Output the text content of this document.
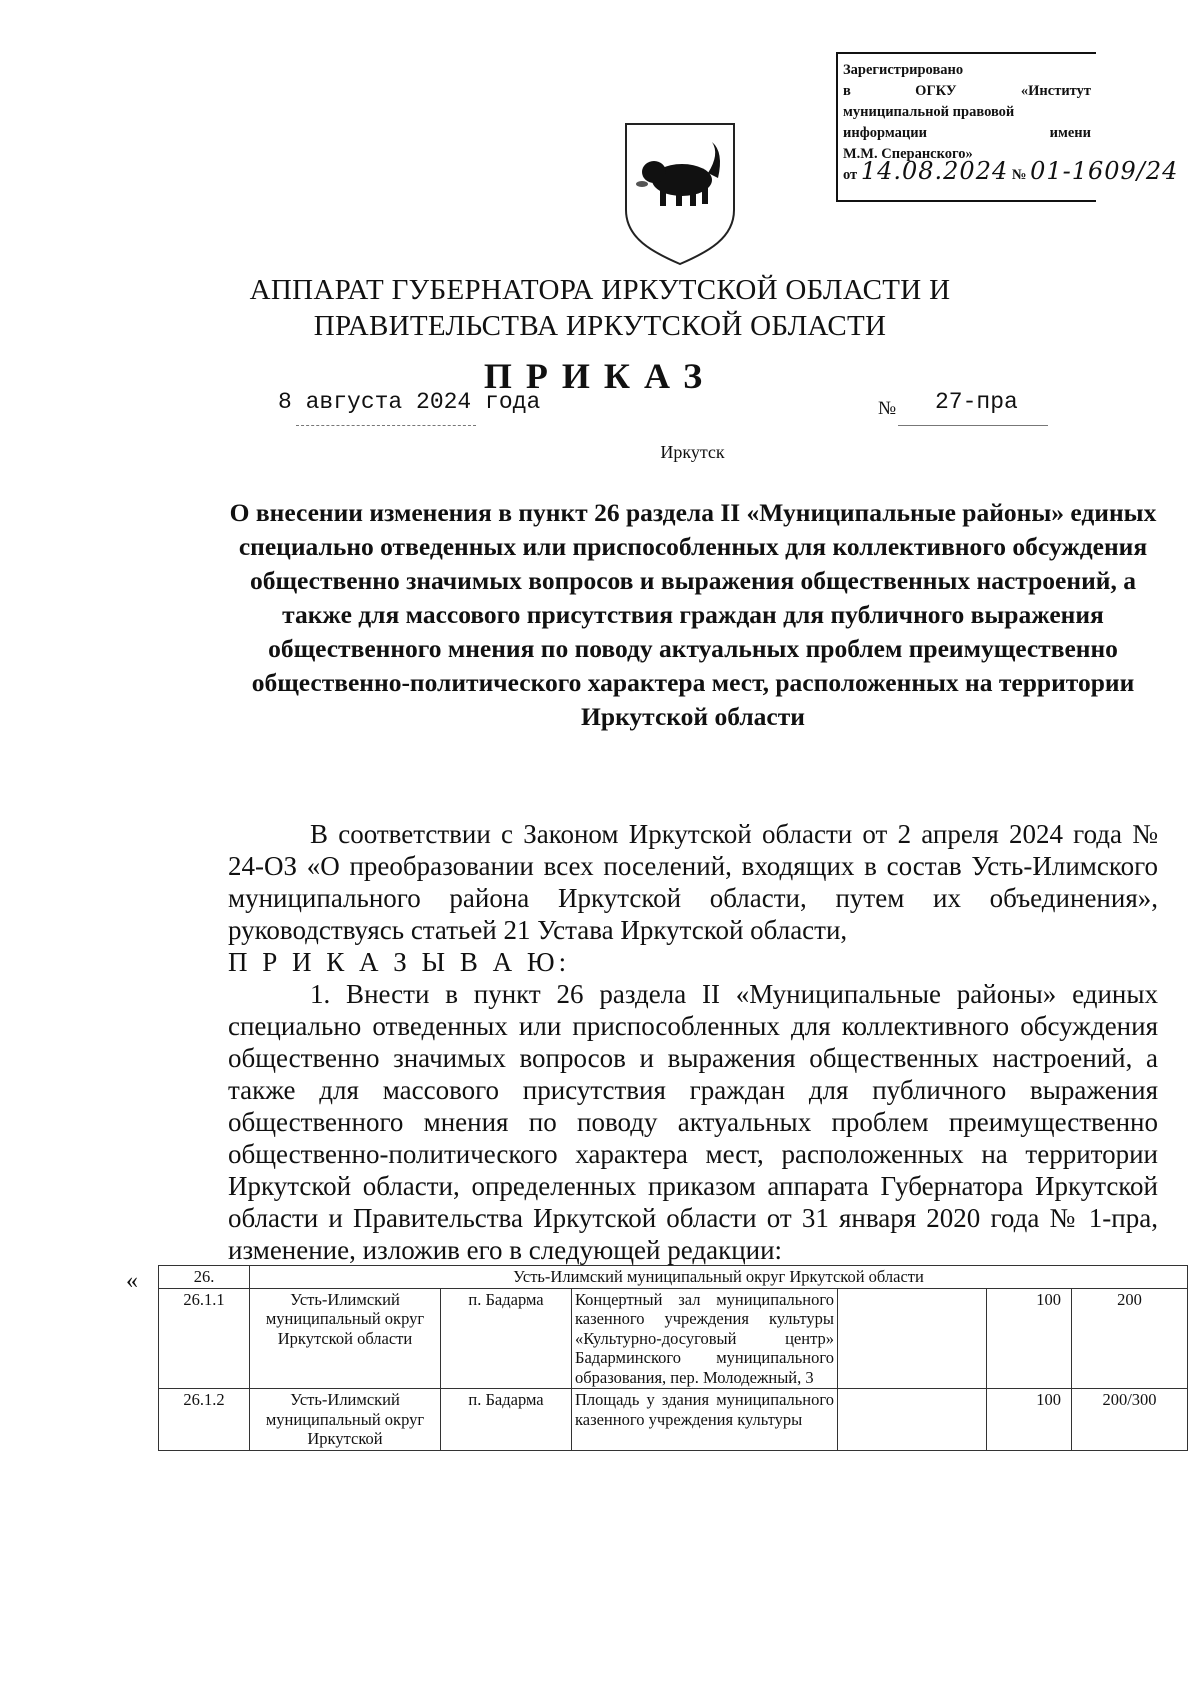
Зарегистрировано
в	ОГКУ	«Институт
муниципальной правовой
информации	имени
М.М. Сперанского»
от 14.08.2024 № 01-1609/24
АППАРАТ ГУБЕРНАТОРА ИРКУТСКОЙ ОБЛАСТИ И
ПРАВИТЕЛЬСТВА ИРКУТСКОЙ ОБЛАСТИ
ПРИКАЗ
8 августа 2024 года	№ 27-пра
Иркутск
О внесении изменения в пункт 26 раздела II «Муниципальные районы» единых специально отведенных или приспособленных для коллективного обсуждения общественно значимых вопросов и выражения общественных настроений, а также для массового присутствия граждан для публичного выражения общественного мнения по поводу актуальных проблем преимущественно общественно-политического характера мест, расположенных на территории Иркутской области

В соответствии с Законом Иркутской области от 2 апреля 2024 года № 24-ОЗ «О преобразовании всех поселений, входящих в состав Усть-Илимского муниципального района Иркутской области, путем их объединения», руководствуясь статьей 21 Устава Иркутской области,

П Р И К А З Ы В А Ю:

1. Внести в пункт 26 раздела II «Муниципальные районы» единых специально отведенных или приспособленных для коллективного обсуждения общественно значимых вопросов и выражения общественных настроений, а также для массового присутствия граждан для публичного выражения общественного мнения по поводу актуальных проблем преимущественно общественно-политического характера мест, расположенных на территории Иркутской области, определенных приказом аппарата Губернатора Иркутской области и Правительства Иркутской области от 31 января 2020 года № 1-пра, изменение, изложив его в следующей редакции:

«	26.	Усть-Илимский муниципальный округ Иркутской области					
26.1.1	Усть-Илимский муниципальный округ Иркутской области	п. Бадарма	Концертный зал муниципального казенного учреждения культуры «Культурно-досуговый центр» Бадарминского муниципального образования, пер. Молодежный, 3		100	200
26.1.2	Усть-Илимский муниципальный округ Иркутской	п. Бадарма	Площадь у здания муниципального казенного учреждения культуры		100	200/300
